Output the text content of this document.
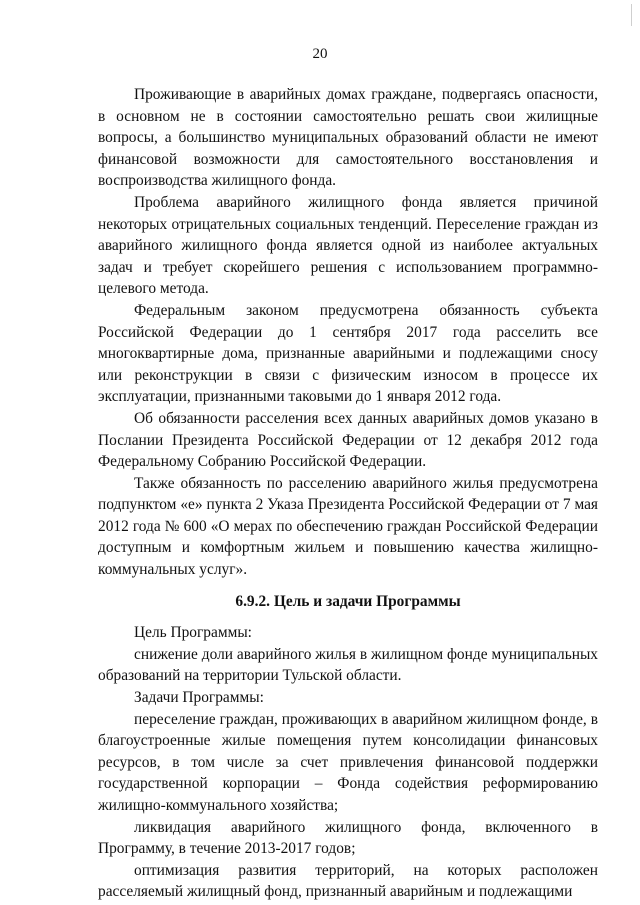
20

Проживающие в аварийных домах граждане, подвергаясь опасности, в основном не в состоянии самостоятельно решать свои жилищные вопросы, а большинство муниципальных образований области не имеют финансовой возможности для самостоятельного восстановления и воспроизводства жилищного фонда.

Проблема аварийного жилищного фонда является причиной некоторых отрицательных социальных тенденций. Переселение граждан из аварийного жилищного фонда является одной из наиболее актуальных задач и требует скорейшего решения с использованием программно-целевого метода.

Федеральным законом предусмотрена обязанность субъекта Российской Федерации до 1 сентября 2017 года расселить все многоквартирные дома, признанные аварийными и подлежащими сносу или реконструкции в связи с физическим износом в процессе их эксплуатации, признанными таковыми до 1 января 2012 года.

Об обязанности расселения всех данных аварийных домов указано в Послании Президента Российской Федерации от 12 декабря 2012 года Федеральному Собранию Российской Федерации.

Также обязанность по расселению аварийного жилья предусмотрена подпунктом «е» пункта 2 Указа Президента Российской Федерации от 7 мая 2012 года № 600 «О мерах по обеспечению граждан Российской Федерации доступным и комфортным жильем и повышению качества жилищно-коммунальных услуг».

6.9.2. Цель и задачи Программы

Цель Программы:

снижение доли аварийного жилья в жилищном фонде муниципальных образований на территории Тульской области.

Задачи Программы:

переселение граждан, проживающих в аварийном жилищном фонде, в благоустроенные жилые помещения путем консолидации финансовых ресурсов, в том числе за счет привлечения финансовой поддержки государственной корпорации – Фонда содействия реформированию жилищно-коммунального хозяйства;

ликвидация аварийного жилищного фонда, включенного в Программу, в течение 2013-2017 годов;

оптимизация развития территорий, на которых расположен расселяемый жилищный фонд, признанный аварийным и подлежащими
